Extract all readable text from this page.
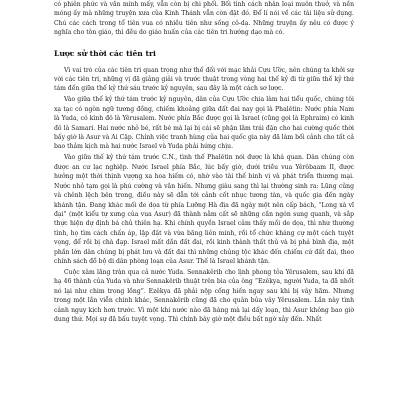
có phiên phức và văn minh mấy, vẫn còn bị chi phối. Bối tình cách nhân loại muôn thuở, và nền móng ấy mà những truyện xưa của Kinh Thánh vẫn còn đặt đó. Để lí nói về các tài liệu sử dụng. Chú các cách trong tổ tiên vua có nhiều tiên như sống cô-dạ. Những truyện ấy nêu có được ý nghĩa cho tôn giáo, thì đều do giáo huấn của các tiên tri hướng dạo mà có.

Lược sử thời các tiên tri

Vì vai trò của các tiên tri quan trọng như thế đối với mạc khải Cựu Ước, nên chúng ta khởi sự với các tiên tri, những vị đã giảng giải và trước thuật trong vòng hai thế kỷ đi từ giữa thế kỷ thứ tám đến giữa thế kỷ thứ sáu trước kỷ nguyên, sau đây là một cách sơ lược.

Vào giữa thế kỷ thứ tám trước kỷ nguyên, dân của Cựu Ước chia làm hai tiểu quốc, chúng tôi xạ tạc có ngôn ngữ tương đồng, chiếm khoảng giữa đất đai nay gọi là Phalêtin: Nước phía Nam là Yuda, có kinh đô là Yêrusalem. Nước phía Bắc được gọi là Israel (cũng gọi là Ephraim) có kinh đô là Samari. Hai nước nhỏ bé, rất bé mà lại bị cái sẽ phận lăm trái đặn cho hai cường quốc thời bấy giờ là Asur và Ai Cập. Chính việc tranh hùng của hai quốc gia này đã làm bối cảnh cho tất cả bao thảm kịch mà hai nước Israel và Yuda phải hứng chịu.

Vào giữa thế kỷ thứ tám trước C.N., tình thế Phalêtin nói được là khá quan. Dân chúng còn được an cư lạc nghiệp. Nước Israel phía Bắc, lúc bấy giờ, dưới triều vua Yêrôbaam II, được hưởng một thời thịnh vượng xa hoa hiếm có, nhờ vào tài thế binh vị và phát triển thương mại. Nước nhỏ tạm gọi là phú cường và văn hiến. Nhưng giàu sang thì lại thường sinh ra: Lũng củng và chênh lệch bên trong, điều này sẽ dẫn tới cảnh cốt nhục tương tàn, và quốc gia đến ngày khánh tận. Đang khác mối đe dọa từ phía Lưỡng Hà địa đã ngày một nên cấp bách, “Long xà vĩ đại” (một kiểu tự xưng của vua Asur) đã thành nằm cất sẽ những cần ngón sung quanh, và sắp thực hiện dự định bá chủ thiên hạ. Khi chính quyền Israel cảm thấy mối de dọa, thì như thường tình, họ tìm cách chấn áp, lập đặt và vừa băng liên minh, rồi tổ chức kháng cự một cách tuyệt vọng, để rồi bị chà đạp. Israel mất dần đất đai, rồi kinh thành thất thủ và bị phá bình địa, một phần lớn dân chúng bị phát lưu và đất đai thì những chủng tộc khác đến chiếm cứ đất đai, theo chính sách đồ bộ di dân phòng loạn của Asur. Thế là Israel khánh tận.

Cuộc xâm lăng tràn qua cả nước Yuda. Sennakêrib cho lịnh phong tỏa Yêrusalem, sau khi đã hạ 46 thành của Yuda và như Sennakêrib thuật trên bia của ông “Ezêkya, người Yuda, ta đã nhốt nó lại như chim trong lồng”. Ezêkya đã phải nộp cống hiến ngay sau khi bị vây hãm. Nhưng trong một lần viễn chinh khác, Sennakêrib cũng đã cho quân bủa vây Yêrusalem. Lần này tình cảnh nguy kịch hơn trước. Vì một khi nước nào đã hàng mà lại dấy loạn, thì Asur không bao giờ dung thứ. Mọi sự đã bấu tuyệt vọng. Thì chính bây giờ một điều bất ngờ xảy đến. Nhất
